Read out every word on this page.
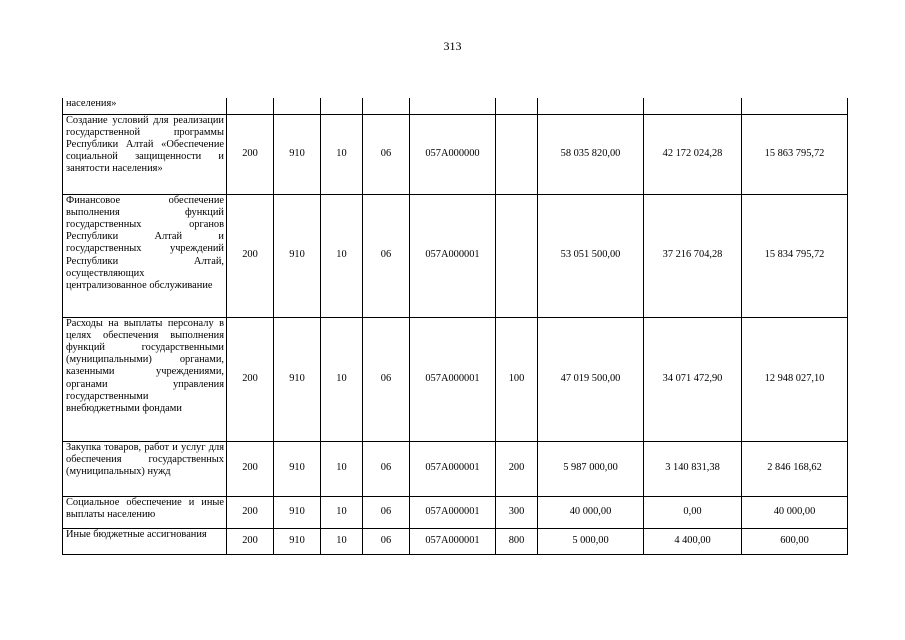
313
населения»									

Создание условий для реализации государственной программы Республики Алтай «Обеспечение социальной защищенности и занятости населения»	200	910	10	06	057А000000		58 035 820,00	42 172 024,28	15 863 795,72

Финансовое обеспечение выполнения функций государственных органов Республики Алтай и государственных учреждений Республики Алтай, осуществляющих централизованное обслуживание	200	910	10	06	057А000001		53 051 500,00	37 216 704,28	15 834 795,72

Расходы на выплаты персоналу в целях обеспечения выполнения функций государственными (муниципальными) органами, казенными учреждениями, органами управления государственными внебюджетными фондами	200	910	10	06	057А000001	100	47 019 500,00	34 071 472,90	12 948 027,10

Закупка товаров, работ и услуг для обеспечения государственных (муниципальных) нужд	200	910	10	06	057А000001	200	5 987 000,00	3 140 831,38	2 846 168,62

Социальное обеспечение и иные выплаты населению	200	910	10	06	057А000001	300	40 000,00	0,00	40 000,00

Иные бюджетные ассигнования	200	910	10	06	057А000001	800	5 000,00	4 400,00	600,00
